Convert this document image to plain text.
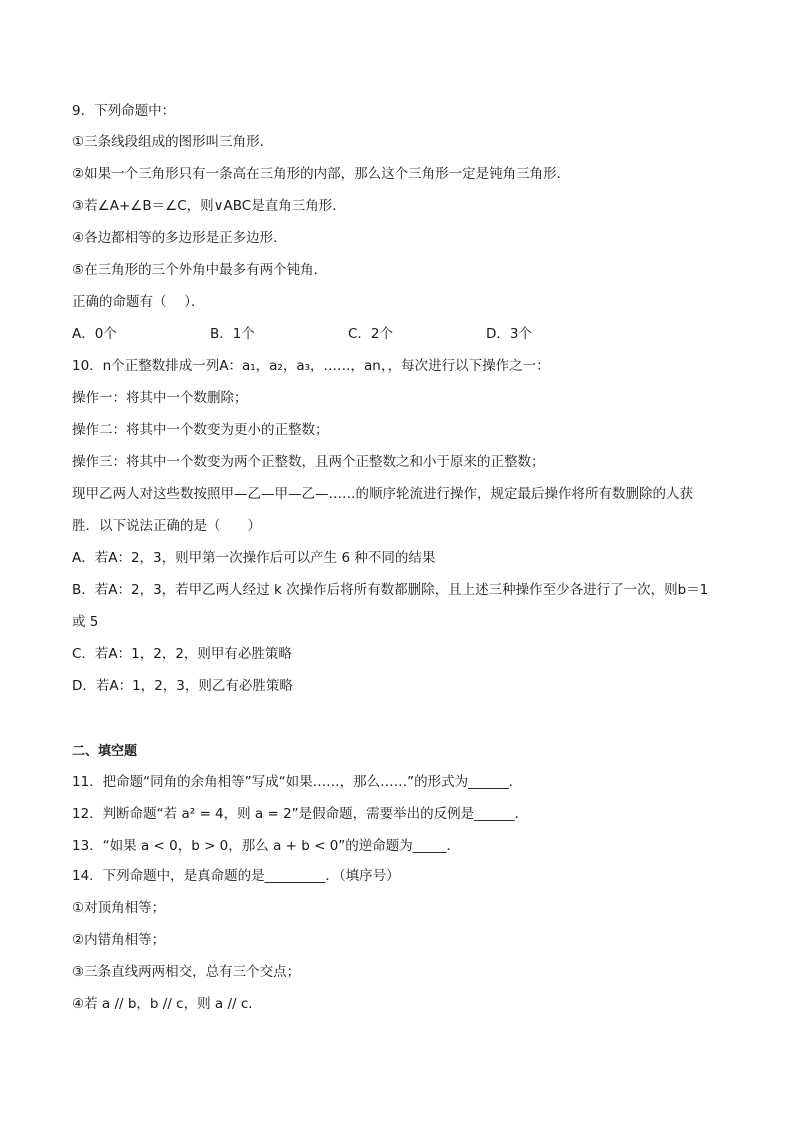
9．下列命题中：
①三条线段组成的图形叫三角形．
②如果一个三角形只有一条高在三角形的内部，那么这个三角形一定是钝角三角形．
③若∠A+∠B＝∠C，则∨ABC是直角三角形．
④各边都相等的多边形是正多边形．
⑤在三角形的三个外角中最多有两个钝角．
正确的命题有（　 ）．
A．0个	B．1个	C．2个	D．3个
10．n个正整数排成一列A：a₁，a₂，a₃，……，an，，每次进行以下操作之一：
操作一：将其中一个数删除；
操作二：将其中一个数变为更小的正整数；
操作三：将其中一个数变为两个正整数，且两个正整数之和小于原来的正整数；
现甲乙两人对这些数按照甲—乙—甲—乙—……的顺序轮流进行操作，规定最后操作将所有数删除的人获
胜．以下说法正确的是（　　）
A．若A：2，3，则甲第一次操作后可以产生 6 种不同的结果
B．若A：2，3，若甲乙两人经过 k 次操作后将所有数都删除，且上述三种操作至少各进行了一次，则b＝1
或 5
C．若A：1，2，2，则甲有必胜策略
D．若A：1，2，3，则乙有必胜策略
二、填空题
11．把命题“同角的余角相等”写成“如果……，那么……”的形式为______．
12．判断命题“若 a² = 4，则 a = 2”是假命题，需要举出的反例是______．
13．“如果 a < 0，b > 0，那么 a + b < 0”的逆命题为_____．
14．下列命题中，是真命题的是_________．（填序号）
①对顶角相等；
②内错角相等；
③三条直线两两相交，总有三个交点；
④若 a // b，b // c，则 a // c．
